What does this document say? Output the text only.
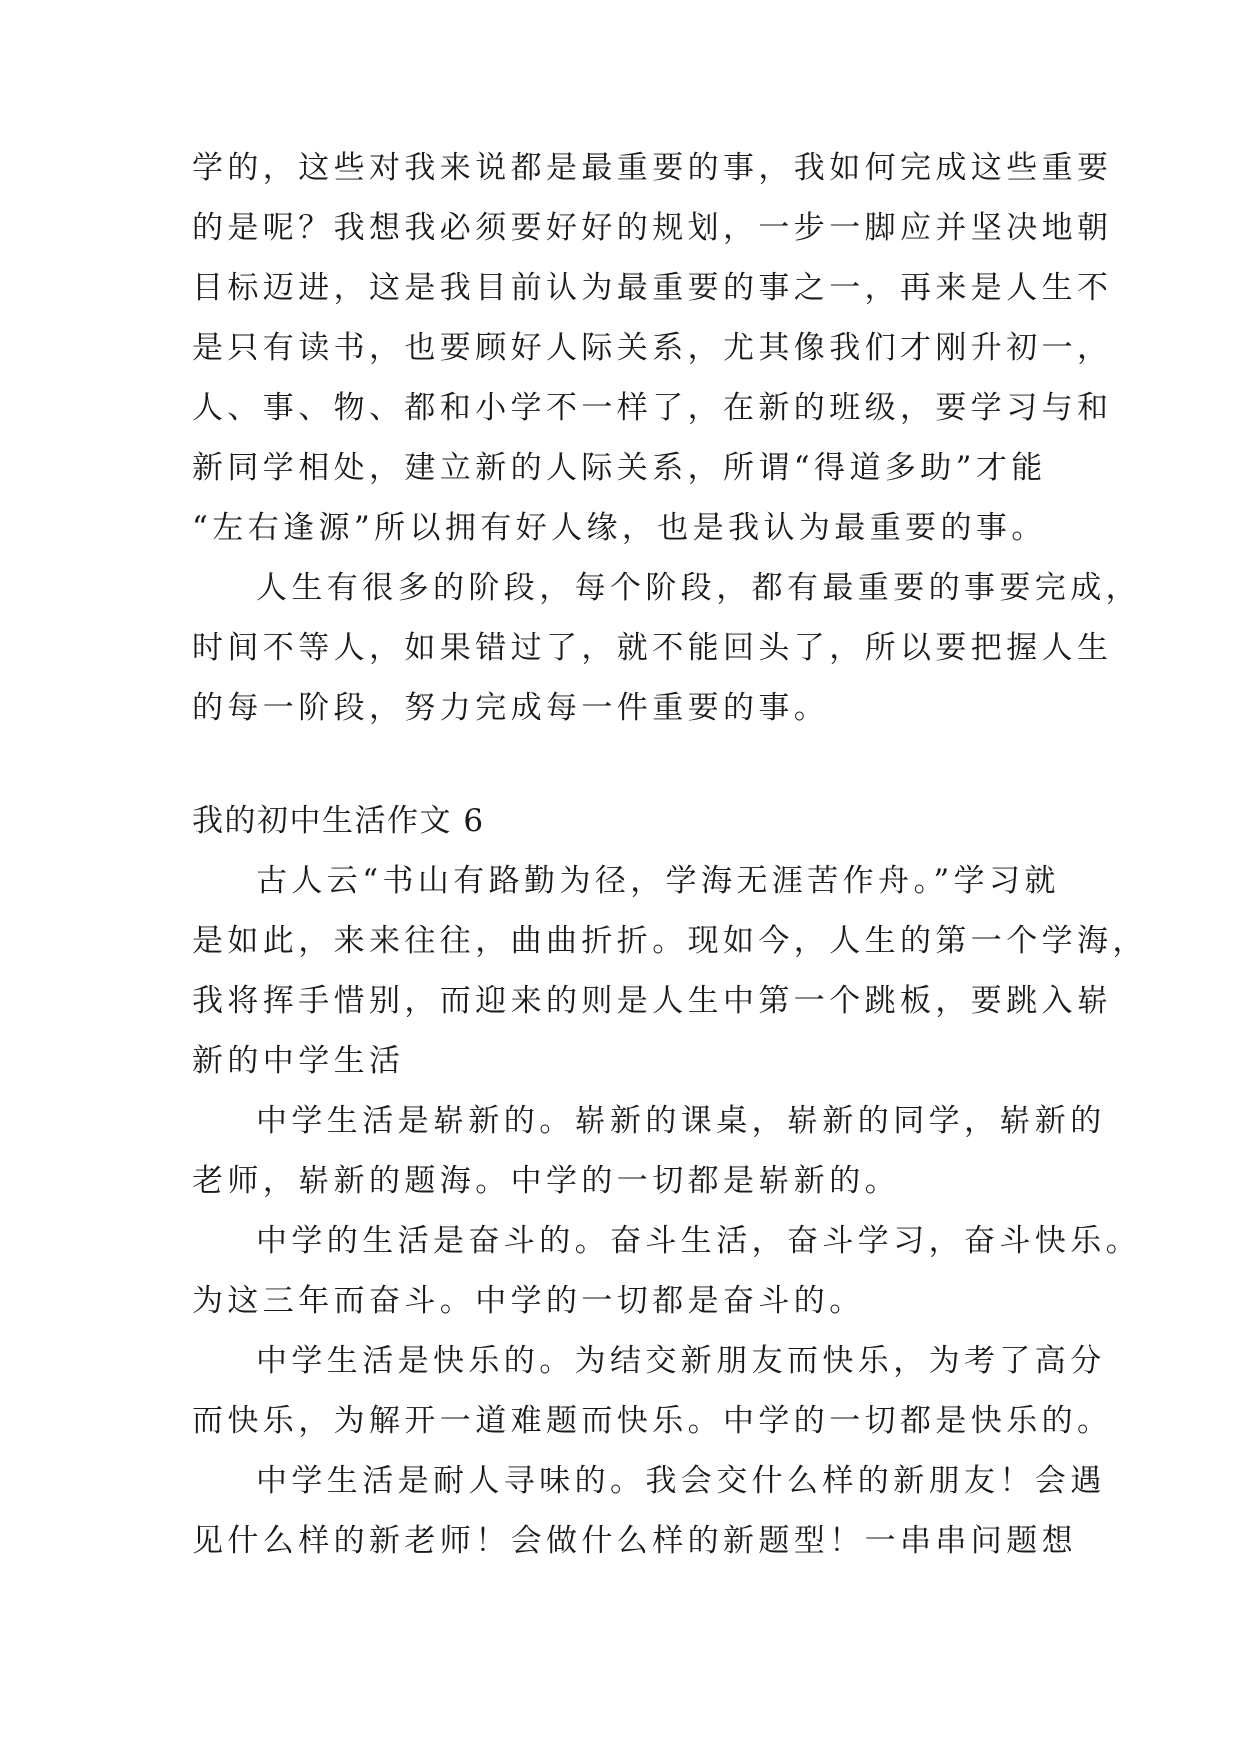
学的，这些对我来说都是最重要的事，我如何完成这些重要

的是呢？我想我必须要好好的规划，一步一脚应并坚决地朝

目标迈进，这是我目前认为最重要的事之一，再来是人生不

是只有读书，也要顾好人际关系，尤其像我们才刚升初一，

人、事、物、都和小学不一样了，在新的班级，要学习与和

新同学相处，建立新的人际关系，所谓“得道多助”才能

“左右逢源”所以拥有好人缘，也是我认为最重要的事。

人生有很多的阶段，每个阶段，都有最重要的事要完成，

时间不等人，如果错过了，就不能回头了，所以要把握人生

的每一阶段，努力完成每一件重要的事。

我的初中生活作文 6

古人云“书山有路勤为径，学海无涯苦作舟。”学习就

是如此，来来往往，曲曲折折。现如今，人生的第一个学海，

我将挥手惜别，而迎来的则是人生中第一个跳板，要跳入崭

新的中学生活

中学生活是崭新的。崭新的课桌，崭新的同学，崭新的

老师，崭新的题海。中学的一切都是崭新的。

中学的生活是奋斗的。奋斗生活，奋斗学习，奋斗快乐。

为这三年而奋斗。中学的一切都是奋斗的。

中学生活是快乐的。为结交新朋友而快乐，为考了高分

而快乐，为解开一道难题而快乐。中学的一切都是快乐的。

中学生活是耐人寻味的。我会交什么样的新朋友！会遇

见什么样的新老师！会做什么样的新题型！一串串问题想
